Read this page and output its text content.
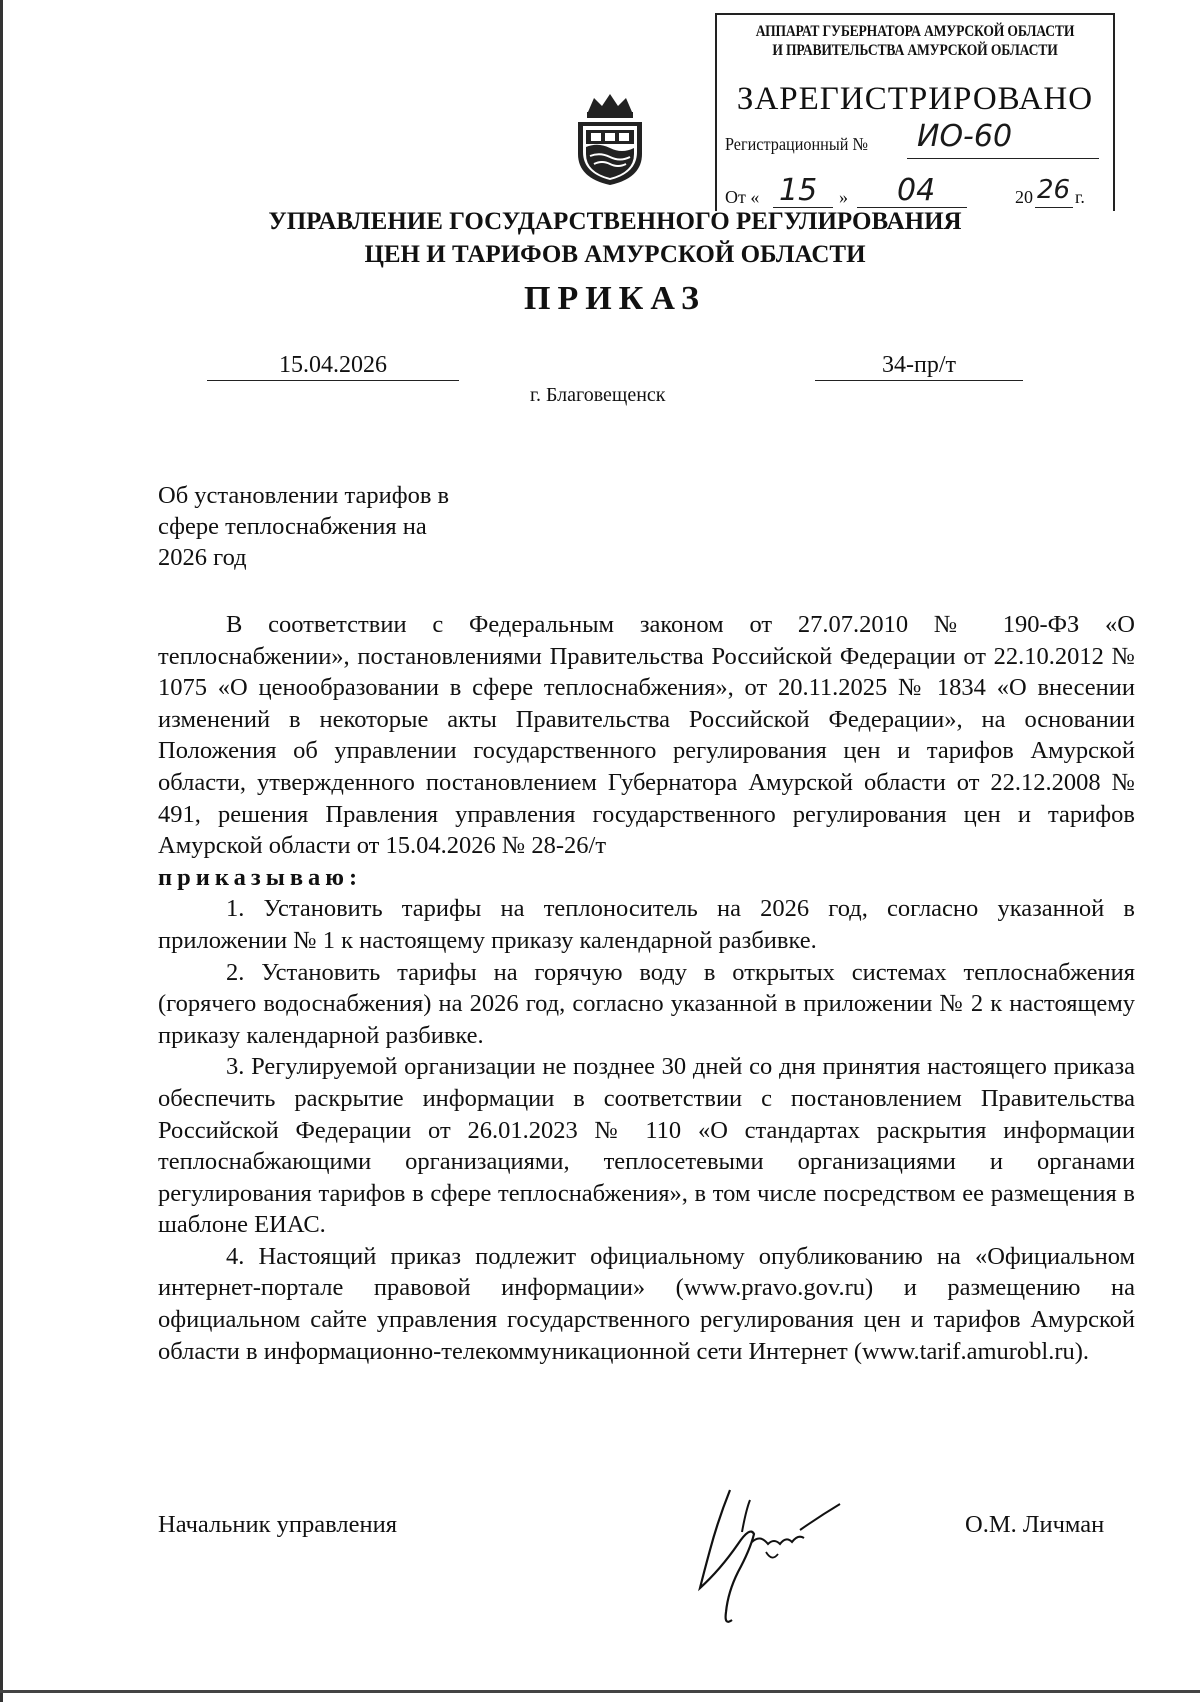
АППАРАТ ГУБЕРНАТОРА АМУРСКОЙ ОБЛАСТИ
И ПРАВИТЕЛЬСТВА АМУРСКОЙ ОБЛАСТИ
ЗАРЕГИСТРИРОВАНО
Регистрационный № ИО-60
От « 15 » 04	20 26 г.
УПРАВЛЕНИЕ ГОСУДАРСТВЕННОГО РЕГУЛИРОВАНИЯ
ЦЕН И ТАРИФОВ АМУРСКОЙ ОБЛАСТИ
ПРИКАЗ
15.04.2026	34-пр/т
г. Благовещенск
Об установлении тарифов в
сфере теплоснабжения на
2026 год

В соответствии с Федеральным законом от 27.07.2010 № 190-ФЗ «О теплоснабжении», постановлениями Правительства Российской Федерации от 22.10.2012 № 1075 «О ценообразовании в сфере теплоснабжения», от 20.11.2025 № 1834 «О внесении изменений в некоторые акты Правительства Российской Федерации», на основании Положения об управлении государственного регулирования цен и тарифов Амурской области, утвержденного постановлением Губернатора Амурской области от 22.12.2008 № 491, решения Правления управления государственного регулирования цен и тарифов Амурской области от 15.04.2026 № 28-26/т

приказываю:

1. Установить тарифы на теплоноситель на 2026 год, согласно указанной в приложении № 1 к настоящему приказу календарной разбивке.

2. Установить тарифы на горячую воду в открытых системах теплоснабжения (горячего водоснабжения) на 2026 год, согласно указанной в приложении № 2 к настоящему приказу календарной разбивке.

3. Регулируемой организации не позднее 30 дней со дня принятия настоящего приказа обеспечить раскрытие информации в соответствии с постановлением Правительства Российской Федерации от 26.01.2023 № 110 «О стандартах раскрытия информации теплоснабжающими организациями, теплосетевыми организациями и органами регулирования тарифов в сфере теплоснабжения», в том числе посредством ее размещения в шаблоне ЕИАС.

4. Настоящий приказ подлежит официальному опубликованию на «Официальном интернет-портале правовой информации» (www.pravo.gov.ru) и размещению на официальном сайте управления государственного регулирования цен и тарифов Амурской области в информационно-телекоммуникационной сети Интернет (www.tarif.amurobl.ru).

Начальник управления	О.М. Личман
